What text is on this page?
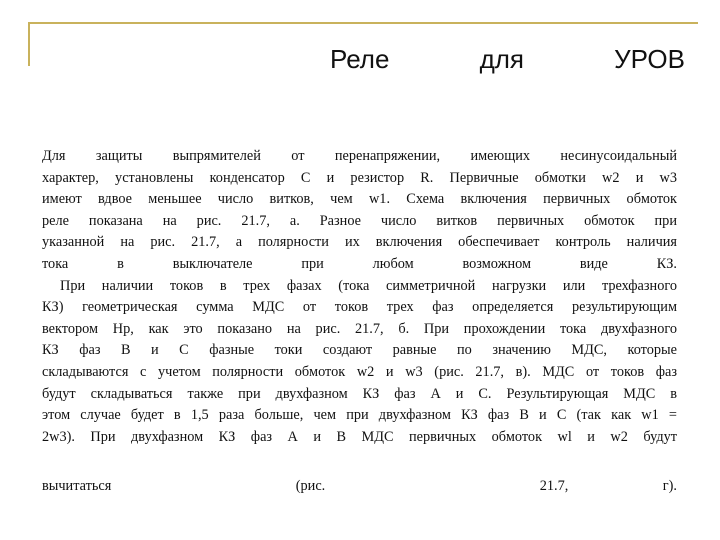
Реле	для	УРОВ

Для защиты выпрямителей от перенапряжении, имеющих несинусоидальный

характер, установлены конденсатор С и резистор R. Первичные обмотки w2 и w3

имеют вдвое меньшее число витков, чем w1. Схема включения первичных обмоток

реле показана на рис. 21.7, а. Разное число витков первичных обмоток при

указанной на рис. 21.7, а полярности их включения обеспечивает контроль наличия

тока в выключателе при любом возможном виде КЗ.

При наличии токов в трех фазах (тока симметричной нагрузки или трехфазного

КЗ) геометрическая сумма МДС от токов трех фаз определяется результирующим

вектором Нр, как это показано на рис. 21.7, б. При прохождении тока двухфазного

КЗ фаз В и С фазные токи создают равные по значению МДС, которые

складываются с учетом полярности обмоток w2 и w3 (рис. 21.7, в). МДС от токов фаз

будут складываться также при двухфазном КЗ фаз А и С. Результирующая МДС в

этом случае будет в 1,5 раза больше, чем при двухфазном КЗ фаз В и С (так как w1 =

2w3). При двухфазном КЗ фаз А и В МДС первичных обмоток wl и w2 будут

вычитаться	(рис.	21.7,	г).
